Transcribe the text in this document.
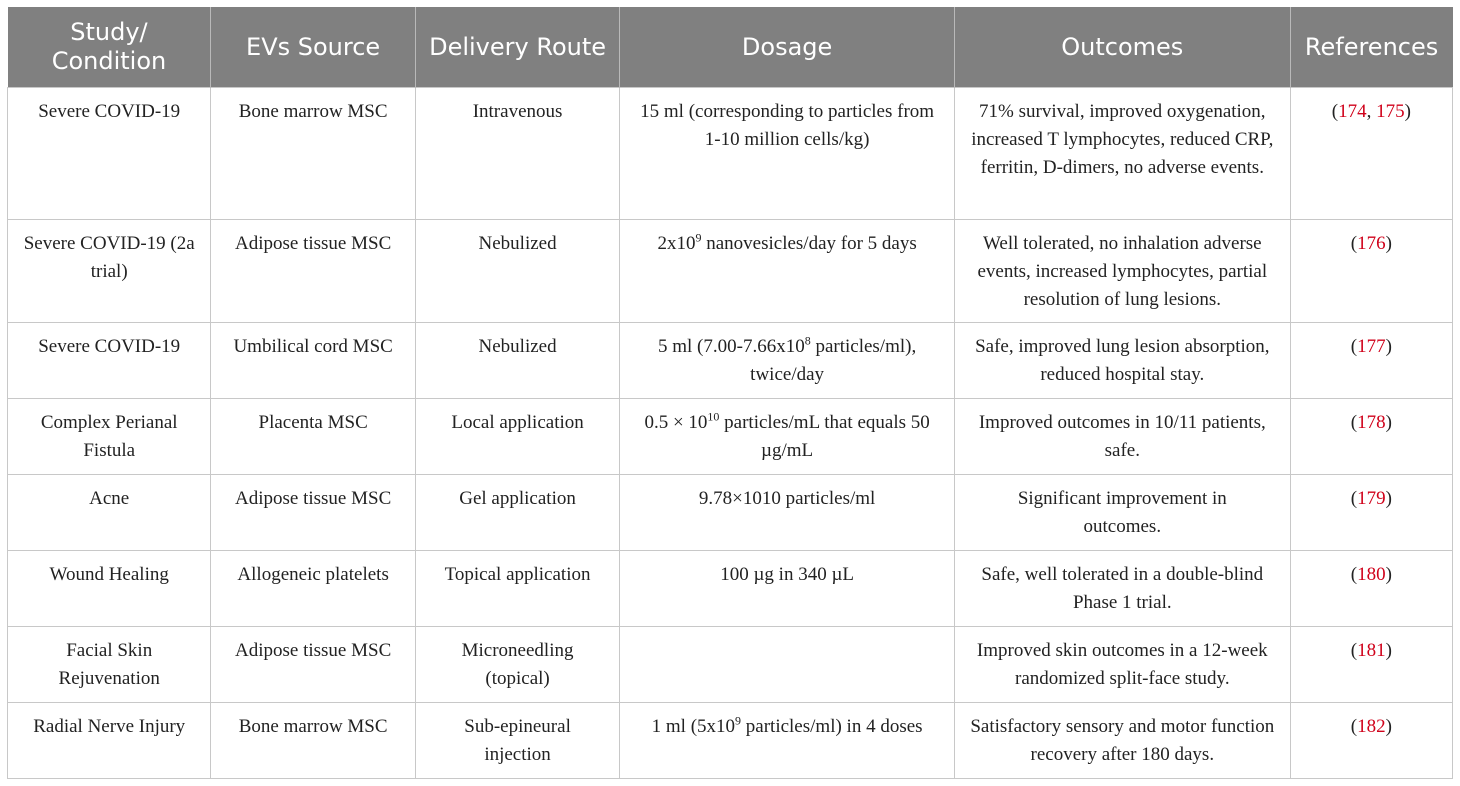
Study/ Condition	EVs Source	Delivery Route	Dosage	Outcomes	References
Severe COVID-19	Bone marrow MSC	Intravenous	15 ml (corresponding to particles from 1-10 million cells/kg)	71% survival, improved oxygenation, increased T lymphocytes, reduced CRP, ferritin, D-dimers, no adverse events.	(174, 175)
Severe COVID-19 (2a trial)	Adipose tissue MSC	Nebulized	$2x10^9$ nanovesicles/day for 5 days	Well tolerated, no inhalation adverse events, increased lymphocytes, partial resolution of lung lesions.	(176)
Severe COVID-19	Umbilical cord MSC	Nebulized	5 ml ($7.00-7.66x10^8$ particles/ml), twice/day	Safe, improved lung lesion absorption, reduced hospital stay.	(177)
Complex Perianal Fistula	Placenta MSC	Local application	$0.5 \times 10^{10}$ particles/mL that equals 50 µg/mL	Improved outcomes in 10/11 patients, safe.	(178)
Acne	Adipose tissue MSC	Gel application	9.78×1010 particles/ml	Significant improvement in outcomes.	(179)
Wound Healing	Allogeneic platelets	Topical application	100 µg in 340 µL	Safe, well tolerated in a double-blind Phase 1 trial.	(180)
Facial Skin Rejuvenation	Adipose tissue MSC	Microneedling (topical)		Improved skin outcomes in a 12-week randomized split-face study.	(181)
Radial Nerve Injury	Bone marrow MSC	Sub-epineural injection	1 ml ($5x10^9$ particles/ml) in 4 doses	Satisfactory sensory and motor function recovery after 180 days.	(182)
